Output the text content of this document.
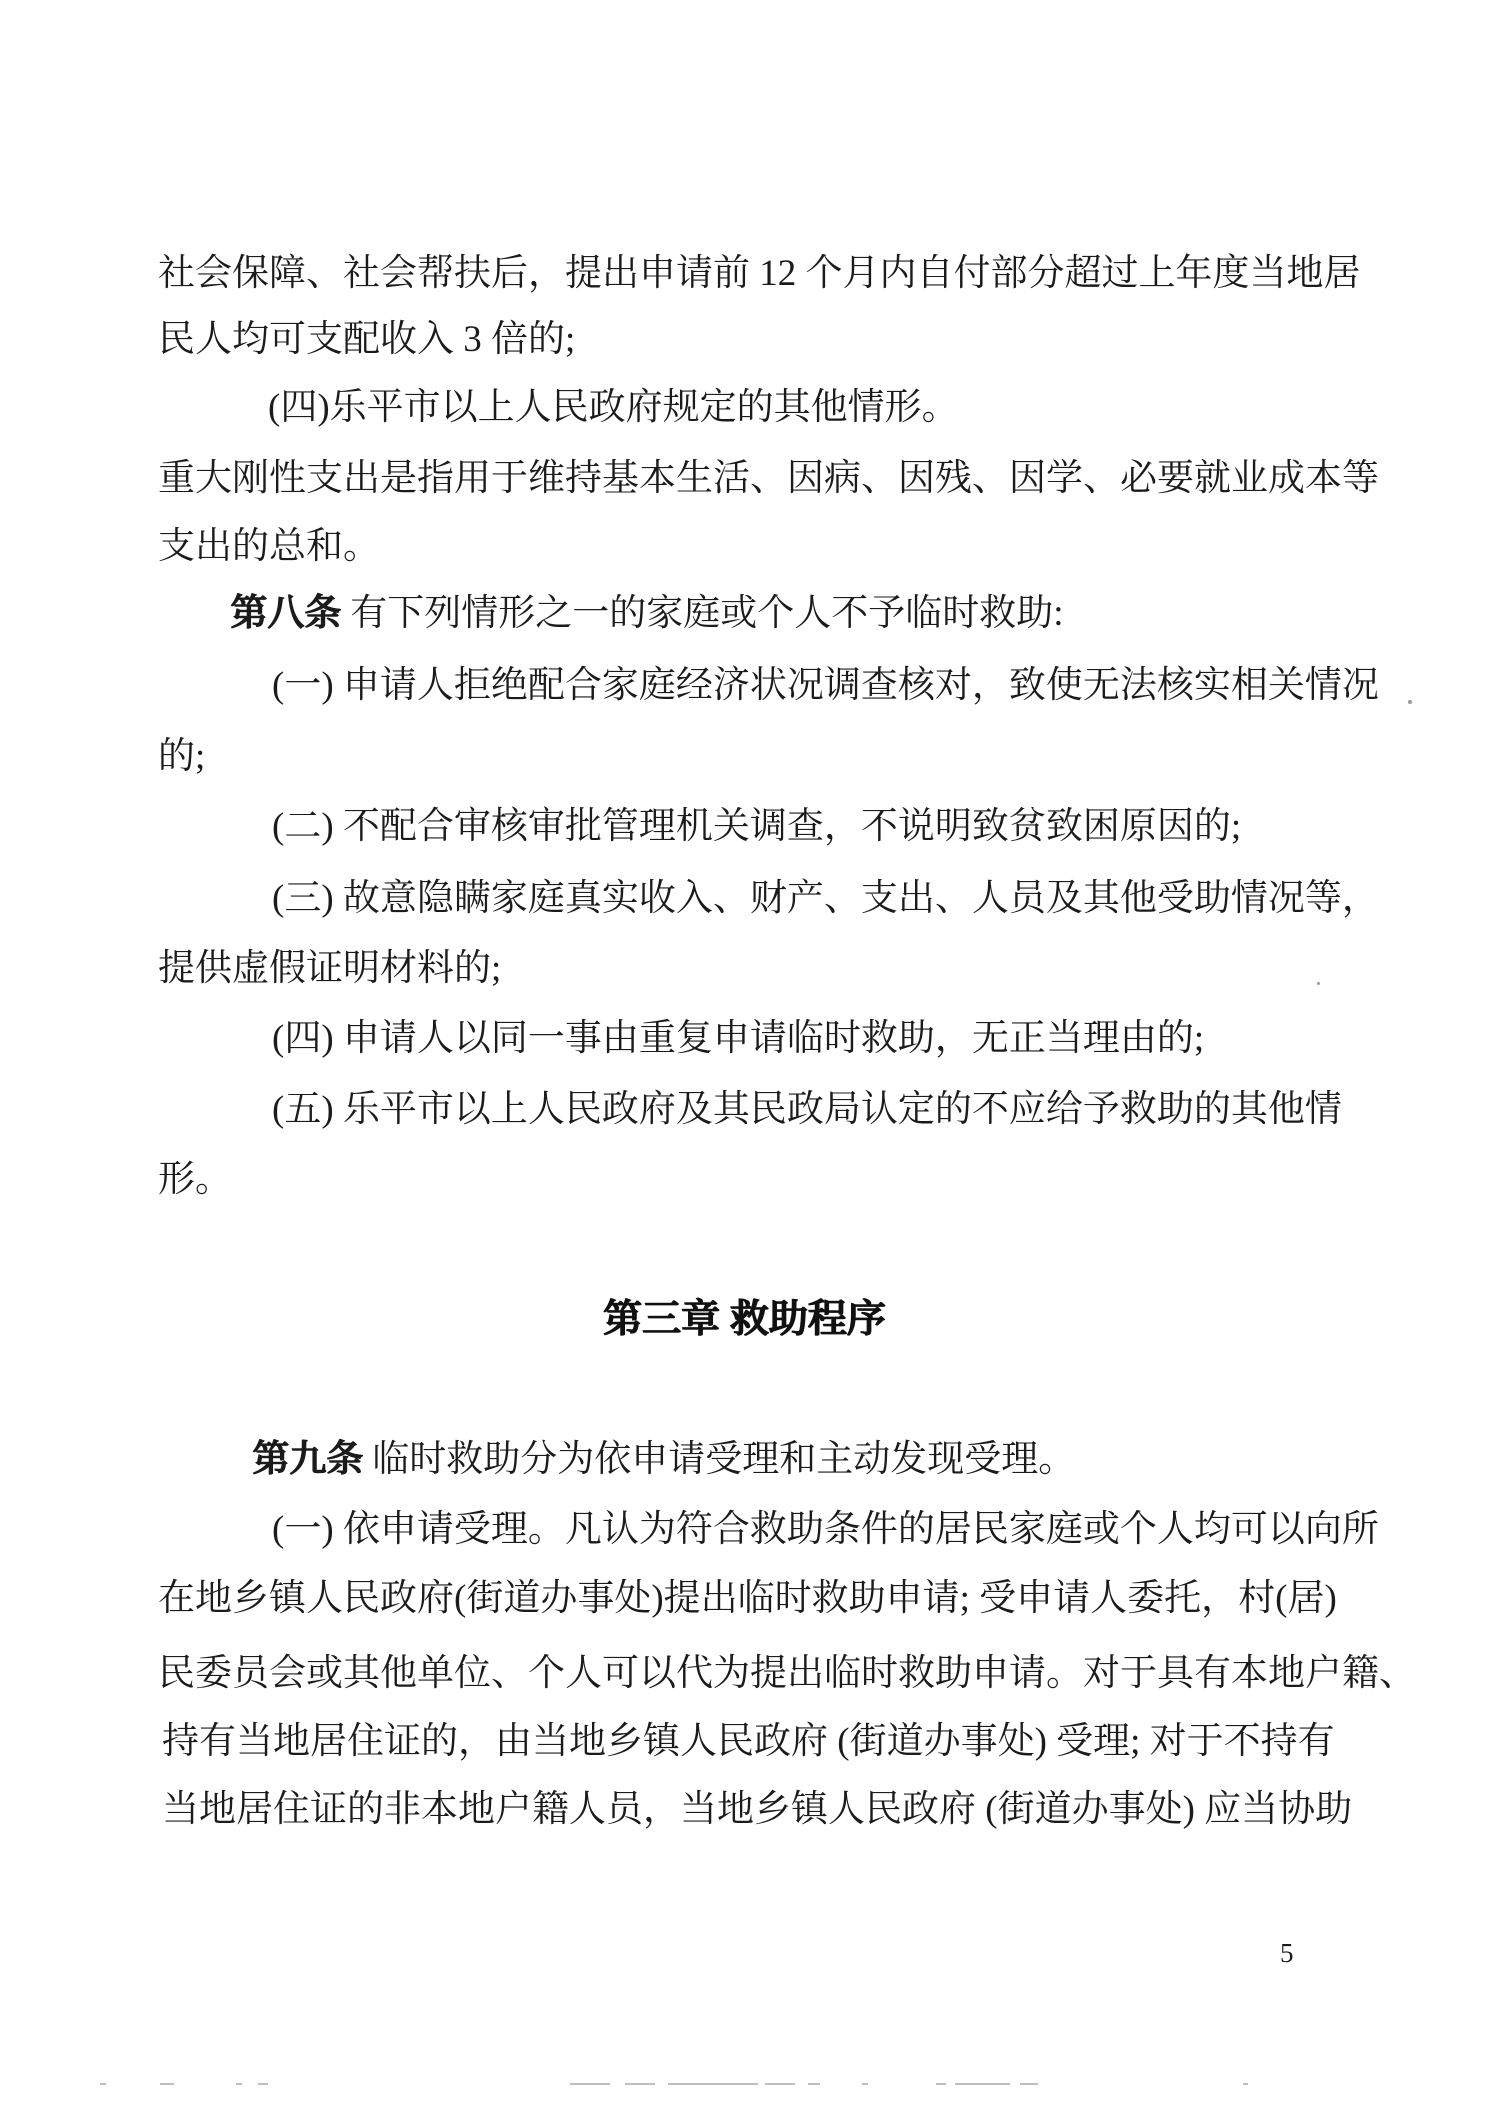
社会保障、社会帮扶后，提出申请前 12 个月内自付部分超过上年度当地居
民人均可支配收入 3 倍的;
(四)乐平市以上人民政府规定的其他情形。
重大刚性支出是指用于维持基本生活、因病、因残、因学、必要就业成本等
支出的总和。
第八条 有下列情形之一的家庭或个人不予临时救助:
(一) 申请人拒绝配合家庭经济状况调查核对，致使无法核实相关情况
的;
(二) 不配合审核审批管理机关调查，不说明致贫致困原因的;
(三) 故意隐瞒家庭真实收入、财产、支出、人员及其他受助情况等，
提供虚假证明材料的;
(四) 申请人以同一事由重复申请临时救助，无正当理由的;
(五) 乐平市以上人民政府及其民政局认定的不应给予救助的其他情
形。
第三章 救助程序
第九条 临时救助分为依申请受理和主动发现受理。
(一) 依申请受理。凡认为符合救助条件的居民家庭或个人均可以向所
在地乡镇人民政府(街道办事处)提出临时救助申请; 受申请人委托，村(居)
民委员会或其他单位、个人可以代为提出临时救助申请。对于具有本地户籍、
持有当地居住证的，由当地乡镇人民政府 (街道办事处) 受理; 对于不持有
当地居住证的非本地户籍人员，当地乡镇人民政府 (街道办事处) 应当协助
5
